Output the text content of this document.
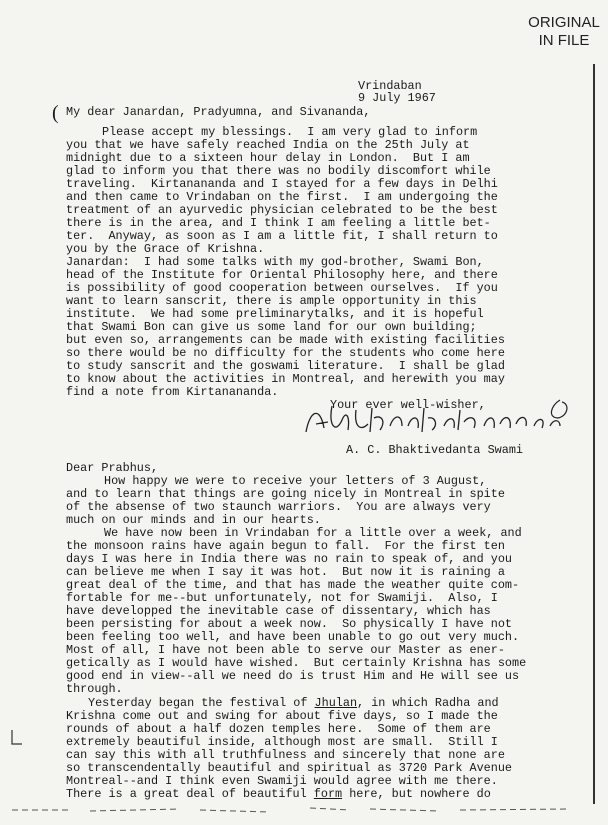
ORIGINAL
IN FILE
Vrindaban
9 July 1967
( My dear Janardan, Pradyumna, and Sivananda,
Please accept my blessings.  I am very glad to inform
you that we have safely reached India on the 25th July at
midnight due to a sixteen hour delay in London.  But I am
glad to inform you that there was no bodily discomfort while
traveling.  Kirtanananda and I stayed for a few days in Delhi
and then came to Vrindaban on the first.  I am undergoing the
treatment of an ayurvedic physician celebrated to be the best
there is in the area, and I think I am feeling a little bet-
ter.  Anyway, as soon as I am a little fit, I shall return to
you by the Grace of Krishna.
Janardan:  I had some talks with my god-brother, Swami Bon,
head of the Institute for Oriental Philosophy here, and there
is possibility of good cooperation between ourselves.  If you
want to learn sanscrit, there is ample opportunity in this
institute.  We had some preliminarytalks, and it is hopeful
that Swami Bon can give us some land for our own building;
but even so, arrangements can be made with existing facilities
so there would be no difficulty for the students who come here
to study sanscrit and the goswami literature.  I shall be glad
to know about the activities in Montreal, and herewith you may
find a note from Kirtanananda.
Your ever well-wisher,
A. C. Bhaktivedanta Swami
Dear Prabhus,
How happy we were to receive your letters of 3 August,
and to learn that things are going nicely in Montreal in spite
of the absense of two staunch warriors.  You are always very
much on our minds and in our hearts.
We have now been in Vrindaban for a little over a week, and
the monsoon rains have again begun to fall.  For the first ten
days I was here in India there was no rain to speak of, and you
can believe me when I say it was hot.  But now it is raining a
great deal of the time, and that has made the weather quite com-
fortable for me--but unfortunately, not for Swamiji.  Also, I
have developped the inevitable case of dissentary, which has
been persisting for about a week now.  So physically I have not
been feeling too well, and have been unable to go out very much.
Most of all, I have not been able to serve our Master as ener-
getically as I would have wished.  But certainly Krishna has some
good end in view--all we need do is trust Him and He will see us
through.
Yesterday began the festival of Jhulan, in which Radha and
Krishna come out and swing for about five days, so I made the
rounds of about a half dozen temples here.  Some of them are
extremely beautiful inside, although most are small.  Still I
can say this with all truthfulness and sincerely that none are
so transcendentally beautiful and spiritual as 3720 Park Avenue
Montreal--and I think even Swamiji would agree with me there.
There is a great deal of beautiful form here, but nowhere do
